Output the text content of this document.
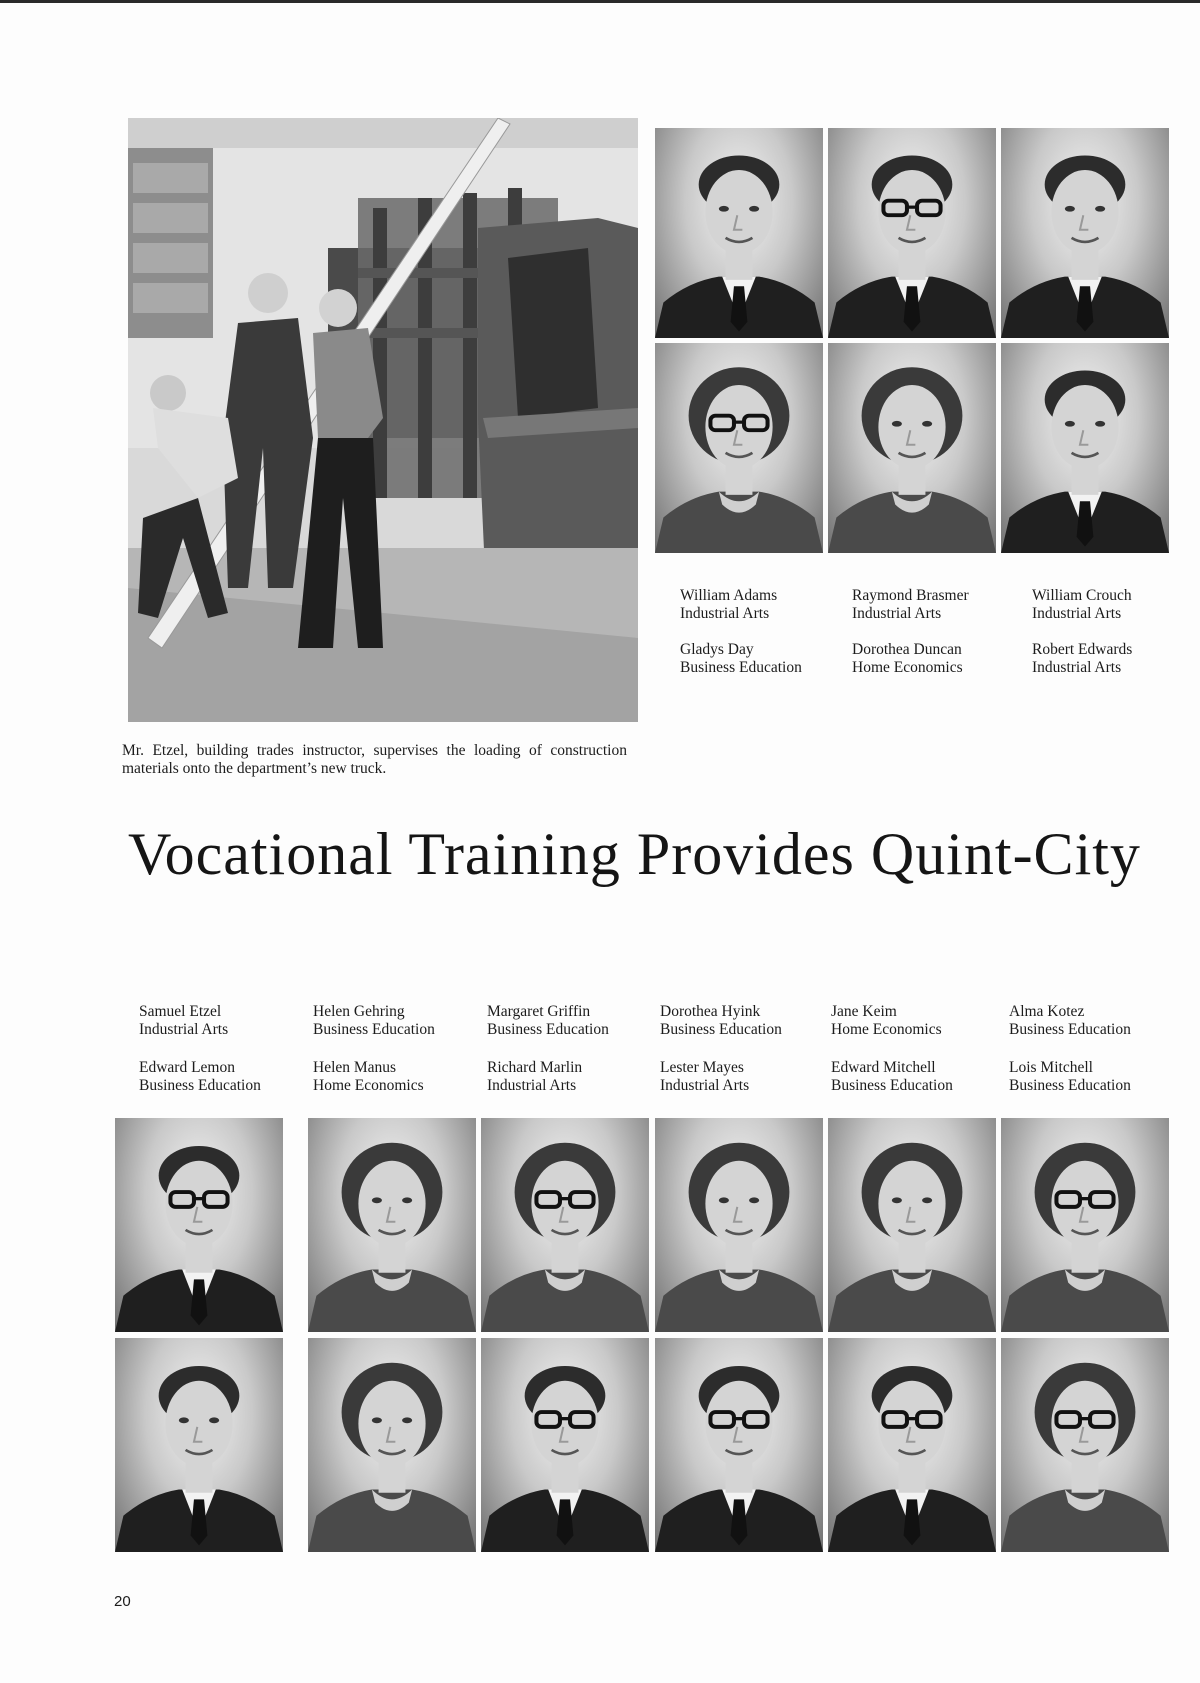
Mr. Etzel, building trades instructor, supervises the loading of construction materials onto the department’s new truck.
William Adams
Industrial Arts
Raymond Brasmer
Industrial Arts
William Crouch
Industrial Arts
Gladys Day
Business Education
Dorothea Duncan
Home Economics
Robert Edwards
Industrial Arts
Vocational Training Provides Quint-City
Samuel Etzel
Industrial Arts
Helen Gehring
Business Education
Margaret Griffin
Business Education
Dorothea Hyink
Business Education
Jane Keim
Home Economics
Alma Kotez
Business Education
Edward Lemon
Business Education
Helen Manus
Home Economics
Richard Marlin
Industrial Arts
Lester Mayes
Industrial Arts
Edward Mitchell
Business Education
Lois Mitchell
Business Education
20
